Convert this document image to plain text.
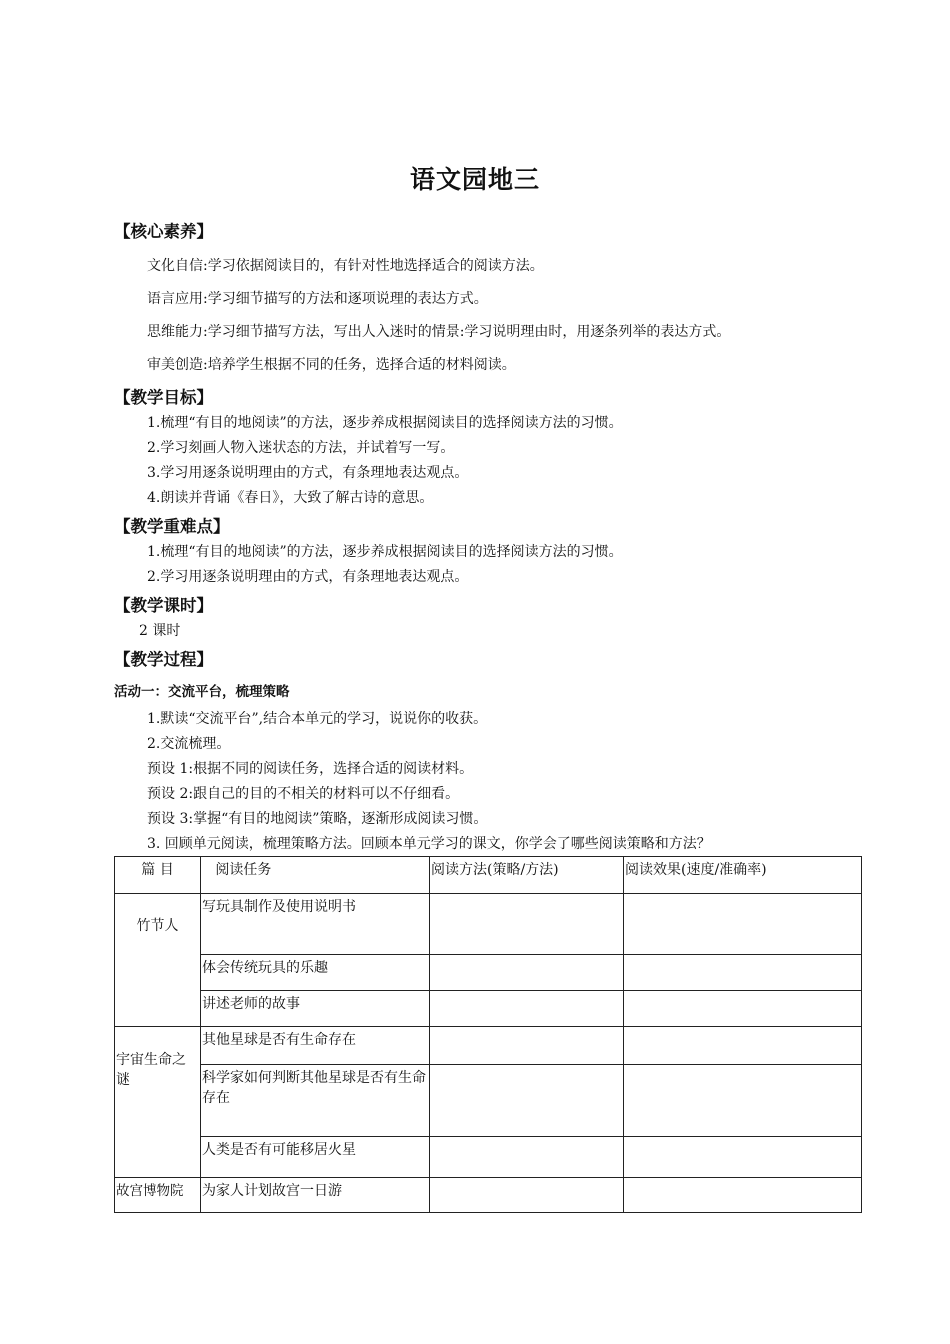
语文园地三
【核心素养】
文化自信:学习依据阅读目的，有针对性地选择适合的阅读方法。
语言应用:学习细节描写的方法和逐项说理的表达方式。
思维能力:学习细节描写方法，写出人入迷时的情景:学习说明理由时，用逐条列举的表达方式。
审美创造:培养学生根据不同的任务，选择合适的材料阅读。
【教学目标】
1.梳理“有目的地阅读”的方法，逐步养成根据阅读目的选择阅读方法的习惯。
2.学习刻画人物入迷状态的方法，并试着写一写。
3.学习用逐条说明理由的方式，有条理地表达观点。
4.朗读并背诵《春日》，大致了解古诗的意思。
【教学重难点】
1.梳理“有目的地阅读”的方法，逐步养成根据阅读目的选择阅读方法的习惯。
2.学习用逐条说明理由的方式，有条理地表达观点。
【教学课时】
2 课时
【教学过程】
活动一：交流平台，梳理策略
1.默读“交流平台”,结合本单元的学习，说说你的收获。
2.交流梳理。
预设 1:根据不同的阅读任务，选择合适的阅读材料。
预设 2:跟自己的目的不相关的材料可以不仔细看。
预设 3:掌握“有目的地阅读”策略，逐渐形成阅读习惯。
3. 回顾单元阅读，梳理策略方法。回顾本单元学习的课文，你学会了哪些阅读策略和方法？
篇 目	阅读任务	阅读方法(策略/方法)	阅读效果(速度/准确率)
竹节人	写玩具制作及使用说明书		
	体会传统玩具的乐趣		
	讲述老师的故事		
宇宙生命之谜	其他星球是否有生命存在		
	科学家如何判断其他星球是否有生命存在		
	人类是否有可能移居火星		
故宫博物院	为家人计划故宫一日游		
